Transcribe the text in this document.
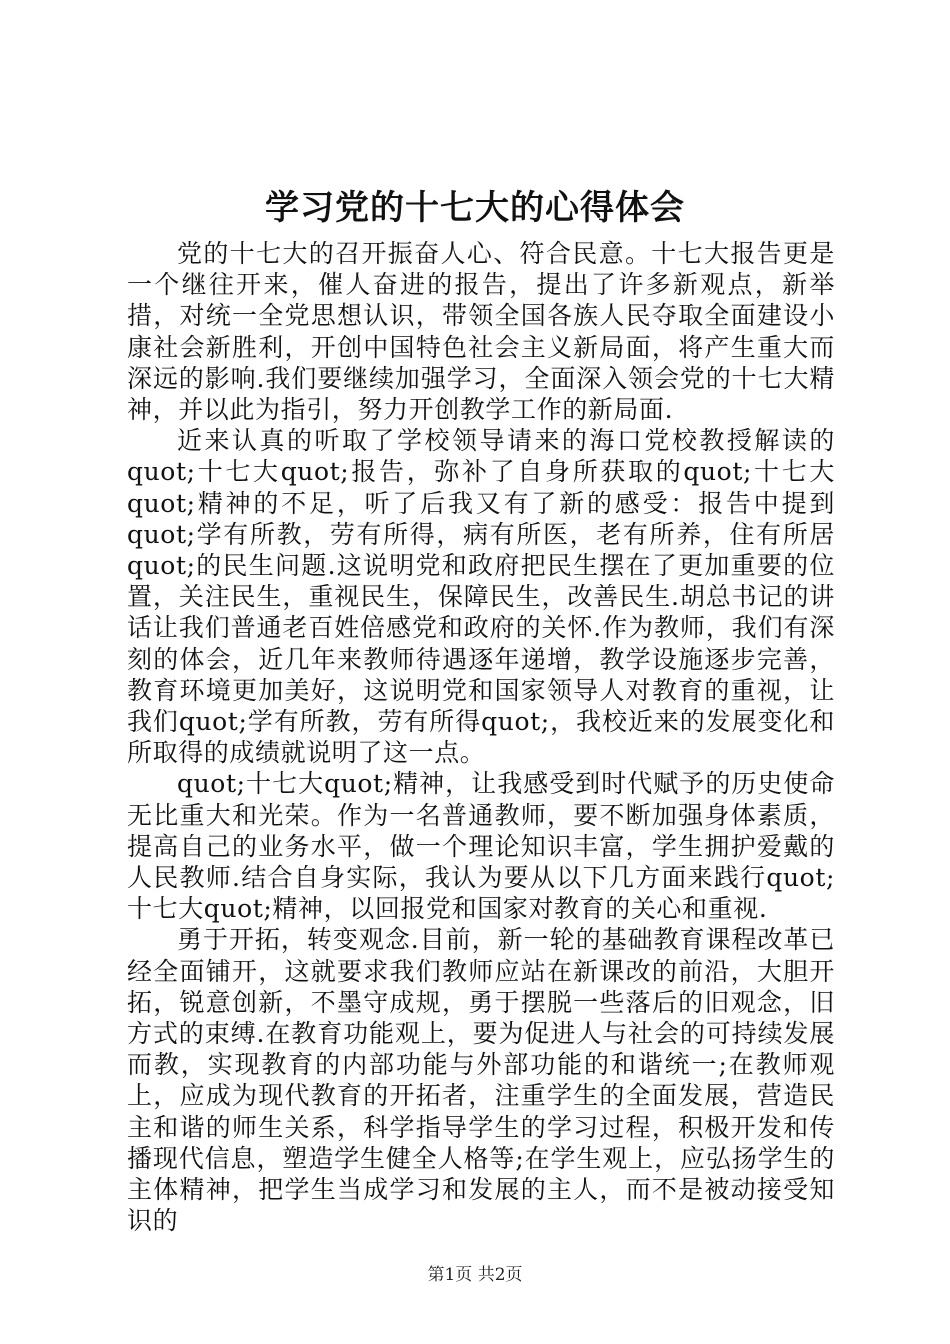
学习党的十七大的心得体会

党的十七大的召开振奋人心、符合民意。十七大报告更是一个继往开来，催人奋进的报告，提出了许多新观点，新举措，对统一全党思想认识，带领全国各族人民夺取全面建设小康社会新胜利，开创中国特色社会主义新局面，将产生重大而深远的影响.我们要继续加强学习，全面深入领会党的十七大精神，并以此为指引，努力开创教学工作的新局面.

近来认真的听取了学校领导请来的海口党校教授解读的quot;十七大quot;报告，弥补了自身所获取的quot;十七大quot;精神的不足，听了后我又有了新的感受：报告中提到quot;学有所教，劳有所得，病有所医，老有所养，住有所居quot;的民生问题.这说明党和政府把民生摆在了更加重要的位置，关注民生，重视民生，保障民生，改善民生.胡总书记的讲话让我们普通老百姓倍感党和政府的关怀.作为教师，我们有深刻的体会，近几年来教师待遇逐年递增，教学设施逐步完善，教育环境更加美好，这说明党和国家领导人对教育的重视，让我们quot;学有所教，劳有所得quot;，我校近来的发展变化和所取得的成绩就说明了这一点。

quot;十七大quot;精神，让我感受到时代赋予的历史使命无比重大和光荣。作为一名普通教师，要不断加强身体素质，提高自己的业务水平，做一个理论知识丰富，学生拥护爱戴的人民教师.结合自身实际，我认为要从以下几方面来践行quot;十七大quot;精神，以回报党和国家对教育的关心和重视.

勇于开拓，转变观念.目前，新一轮的基础教育课程改革已经全面铺开，这就要求我们教师应站在新课改的前沿，大胆开拓，锐意创新，不墨守成规，勇于摆脱一些落后的旧观念，旧方式的束缚.在教育功能观上，要为促进人与社会的可持续发展而教，实现教育的内部功能与外部功能的和谐统一;在教师观上，应成为现代教育的开拓者，注重学生的全面发展，营造民主和谐的师生关系，科学指导学生的学习过程，积极开发和传播现代信息，塑造学生健全人格等;在学生观上，应弘扬学生的主体精神，把学生当成学习和发展的主人，而不是被动接受知识的

第1页 共2页
